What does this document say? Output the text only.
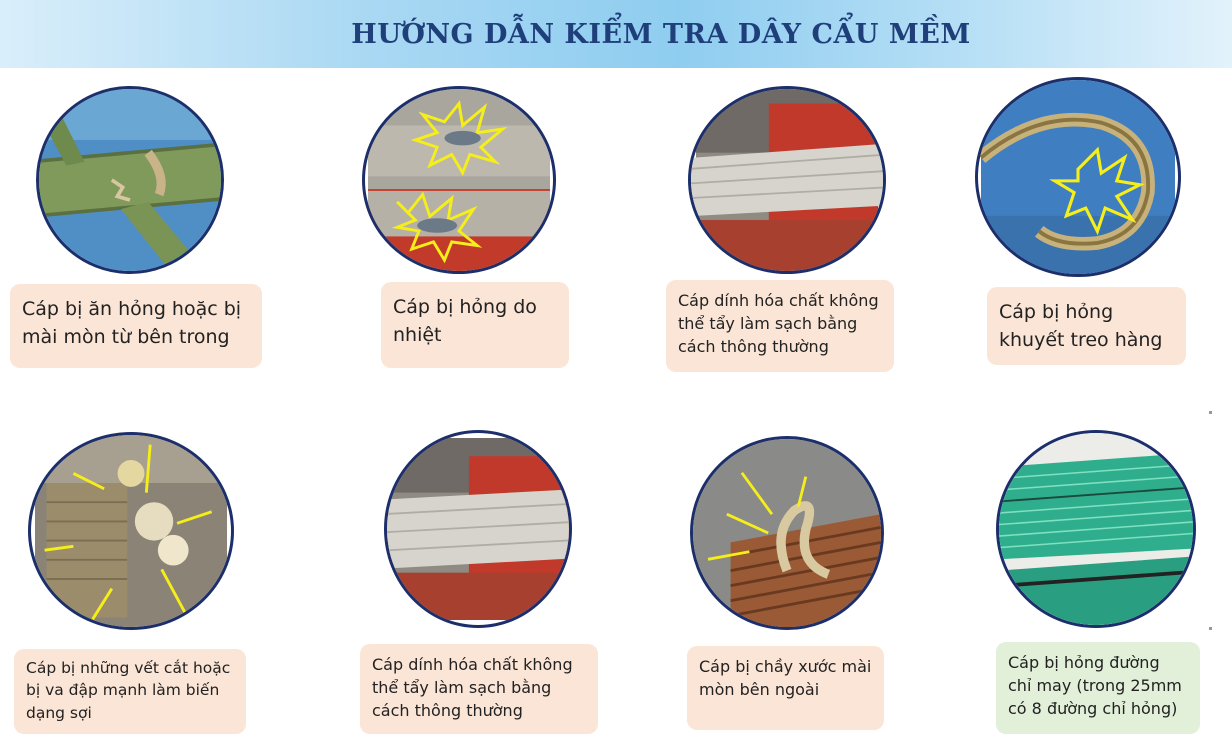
HƯỚNG DẪN KIỂM TRA DÂY CẨU MỀM
Cáp bị ăn hỏng hoặc bị mài mòn từ bên trong
Cáp bị hỏng do nhiệt
Cáp dính hóa chất không thể tẩy làm sạch bằng cách thông thường
Cáp bị hỏng khuyết treo hàng
Cáp bị những vết cắt hoặc bị va đập mạnh làm biến dạng sợi
Cáp dính hóa chất không thể tẩy làm sạch bằng cách thông thường
Cáp bị chầy xước mài mòn bên ngoài
Cáp bị hỏng đường chỉ may (trong 25mm có 8 đường chỉ hỏng)
